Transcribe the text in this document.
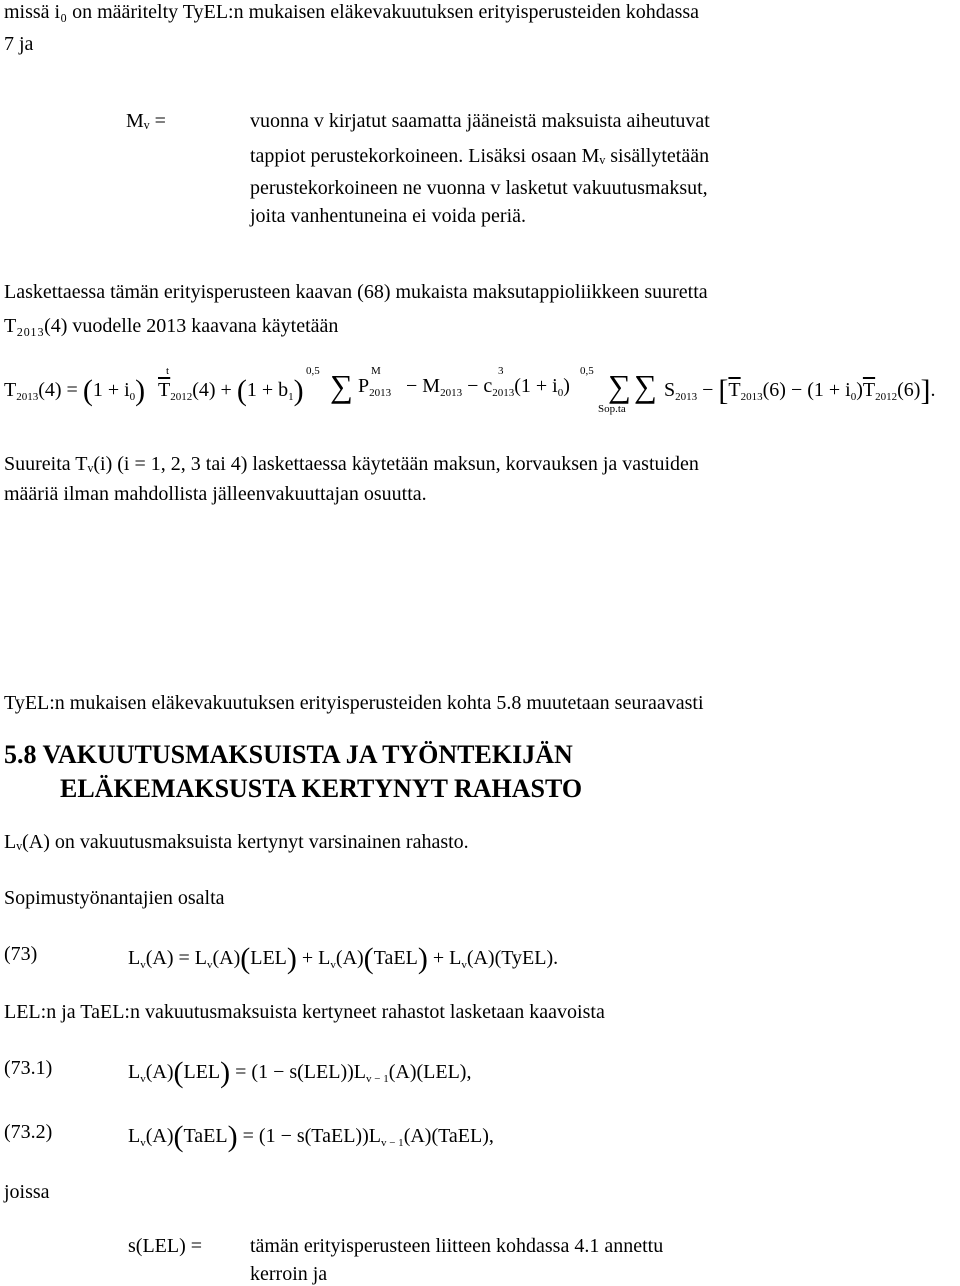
missä i₀ on määritelty TyEL:n mukaisen eläkevakuutuksen erityisperusteiden kohdassa
7 ja
Mᵥ =	vuonna v kirjatut saamatta jääneistä maksuista aiheutuvat
tappiot perustekorkoineen. Lisäksi osaan Mᵥ sisällytetään
perustekorkoineen ne vuonna v lasketut vakuutusmaksut,
joita vanhentuneina ei voida periä.
Laskettaessa tämän erityisperusteen kaavan (68) mukaista maksutappioliikkeen suuretta
T₂₀₁₃(4) vuodelle 2013 kaavana käytetään
$T_{2013}(4) = (1 + i_0)$
t
$\overline{T}_{2012}(4) + (1 + b_1)$
0,5 ∑ $P_{2013}$
M
− $M_{2013} - c_{2013}(1 + i_0)$
3	0,5 ∑ ∑
Sop.ta
$S_{2013} - [\overline{T}_{2013}(6) - (1 + i_0)\overline{T}_{2012}(6)]$.
Suureita Tᵥ(i) (i = 1, 2, 3 tai 4) laskettaessa käytetään maksun, korvauksen ja vastuiden
määriä ilman mahdollista jälleenvakuuttajan osuutta.
TyEL:n mukaisen eläkevakuutuksen erityisperusteiden kohta 5.8 muutetaan seuraavasti
5.8 VAKUUTUSMAKSUISTA JA TYÖNTEKIJÄN
ELÄKEMAKSUSTA KERTYNYT RAHASTO
Lᵥ(A) on vakuutusmaksuista kertynyt varsinainen rahasto.
Sopimustyönantajien osalta
(73)	$L_v(A) = L_v(A)(LEL)$ + $L_v(A)(TaEL)$ + $L_v(A)(TyEL)$.
LEL:n ja TaEL:n vakuutusmaksuista kertyneet rahastot lasketaan kaavoista
(73.1)	$L_v(A)(LEL) = (1 - s(LEL))L_{v - 1}(A)(LEL)$,
(73.2)	$L_v(A)(TaEL) = (1$ − $s(TaEL))L_{v - 1}(A)(TaEL)$,
joissa
s(LEL) = tämän erityisperusteen liitteen kohdassa 4.1 annettu
kerroin ja
